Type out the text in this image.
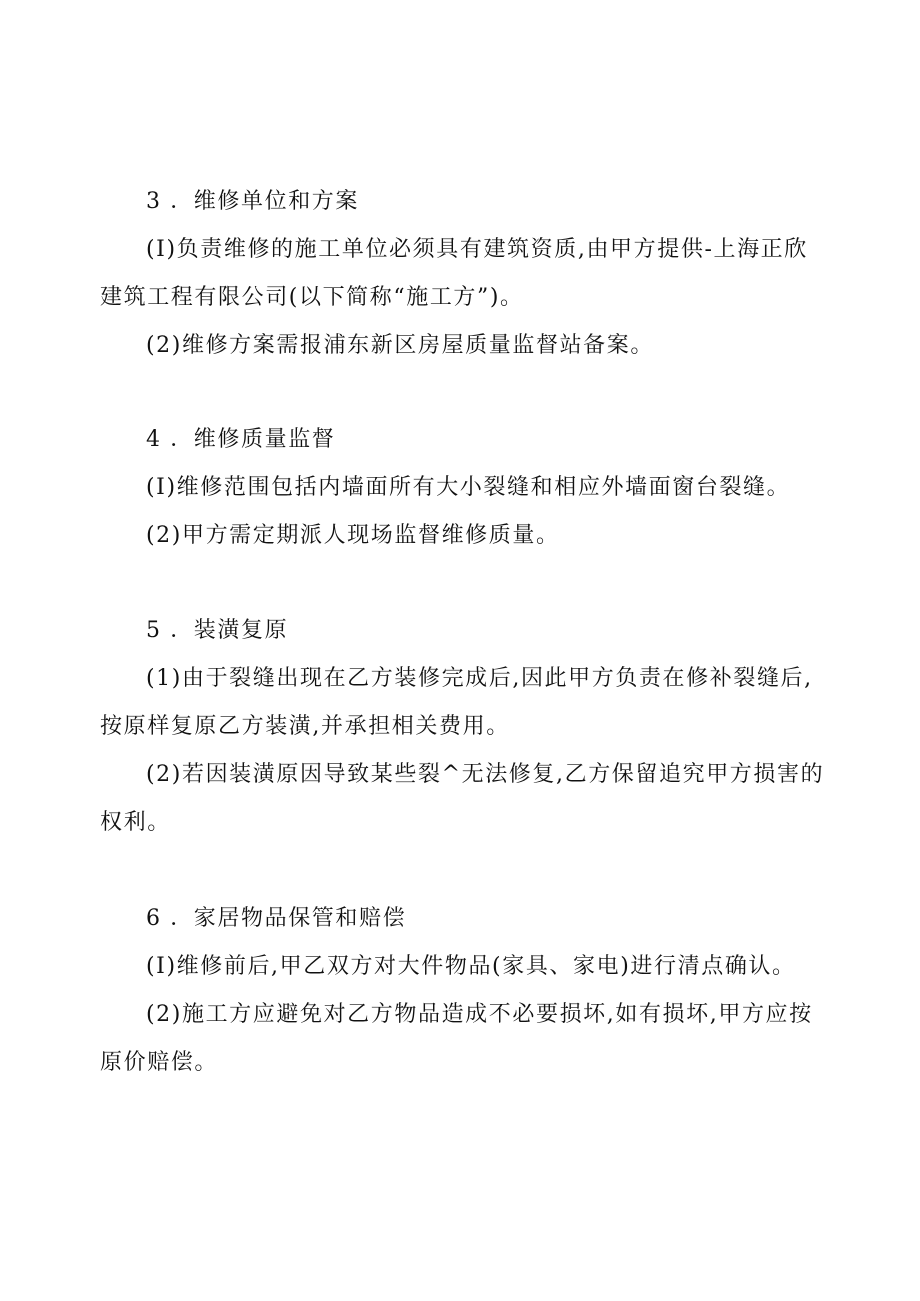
3 ．维修单位和方案
(I)负责维修的施工单位必须具有建筑资质,由甲方提供-上海正欣
建筑工程有限公司(以下简称“施工方”)。
(2)维修方案需报浦东新区房屋质量监督站备案。
4 ．维修质量监督
(I)维修范围包括内墙面所有大小裂缝和相应外墙面窗台裂缝。
(2)甲方需定期派人现场监督维修质量。
5 ．装潢复原
(1)由于裂缝出现在乙方装修完成后,因此甲方负责在修补裂缝后,
按原样复原乙方装潢,并承担相关费用。
(2)若因装潢原因导致某些裂^无法修复,乙方保留追究甲方损害的
权利。
6 ．家居物品保管和赔偿
(I)维修前后,甲乙双方对大件物品(家具、家电)进行清点确认。
(2)施工方应避免对乙方物品造成不必要损坏,如有损坏,甲方应按
原价赔偿。
